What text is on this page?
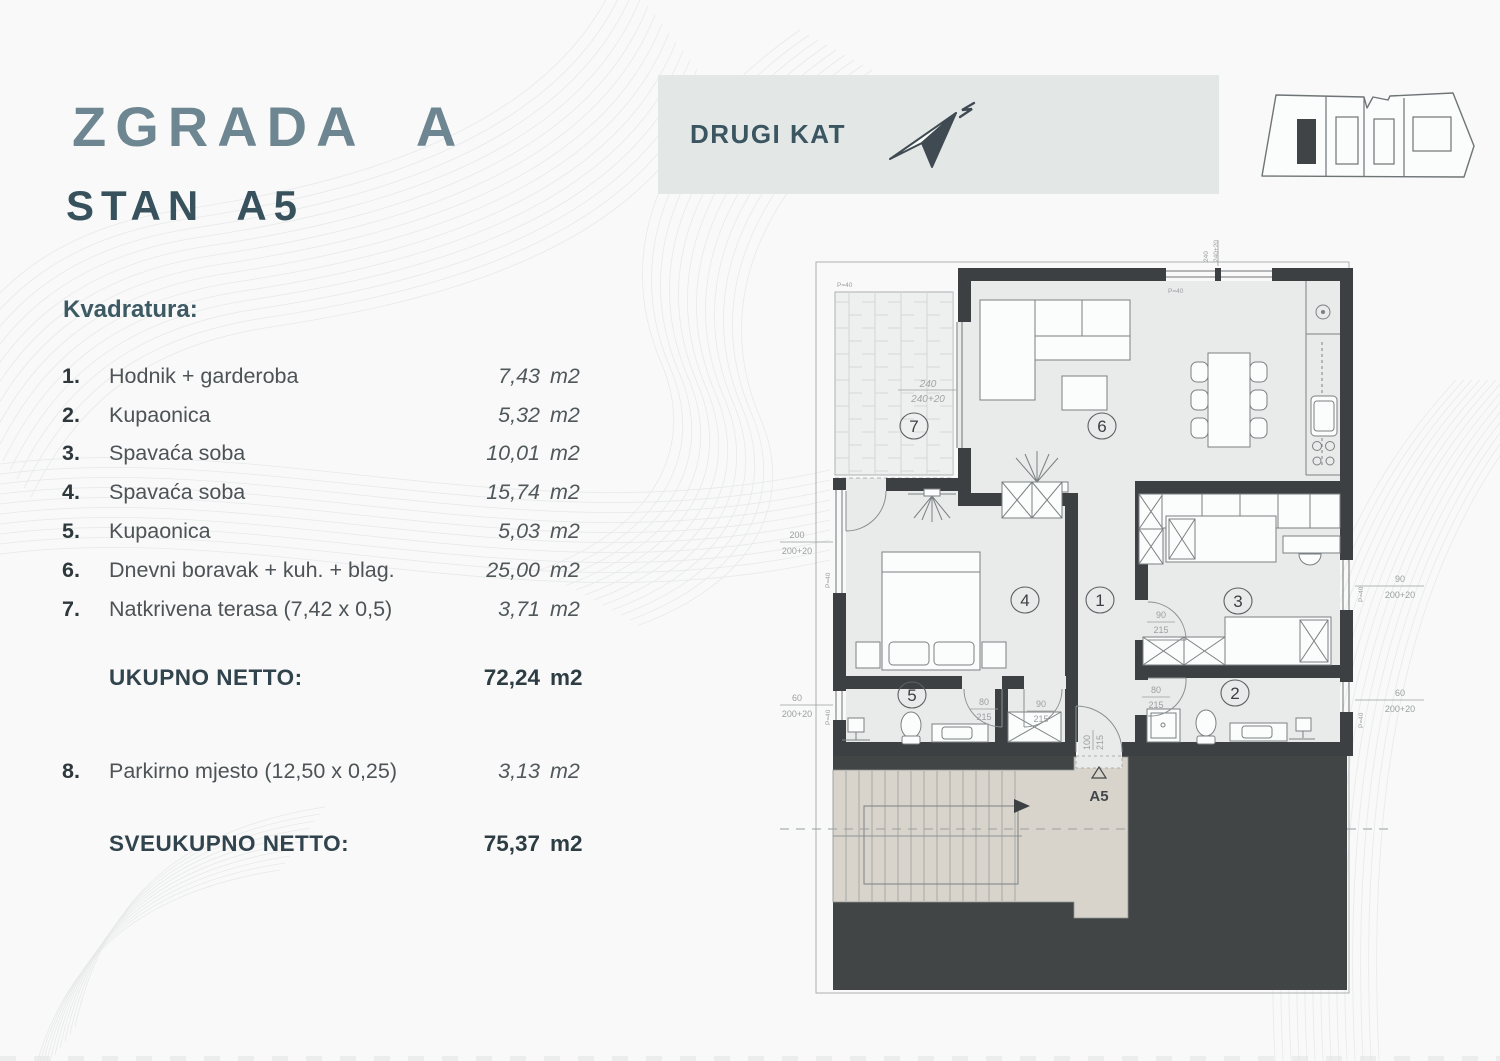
ZGRADA A
STAN A5
Kvadratura:
1.	Hodnik + garderoba	7,43 m2
2.	Kupaonica	5,32 m2
3.	Spavaća soba	10,01 m2
4.	Spavaća soba	15,74 m2
5.	Kupaonica	5,03 m2
6.	Dnevni boravak + kuh. + blag.	25,00 m2
7.	Natkrivena terasa (7,42 x 0,5)	3,71 m2
UKUPNO NETTO:	72,24 m2
8.	Parkirno mjesto (12,50 x 0,25)	3,13 m2
SVEUKUPNO NETTO:	75,37 m2
DRUGI KAT
P=40
P=40
240
240+20
240 240+20
200
200+20
P=40
60
200+20 P=40
90
200+20
P=40
60
200+20
P=40
90
215
80
215
80
215
90
215
100 215
1
2
3
4
5
6
7
A5
